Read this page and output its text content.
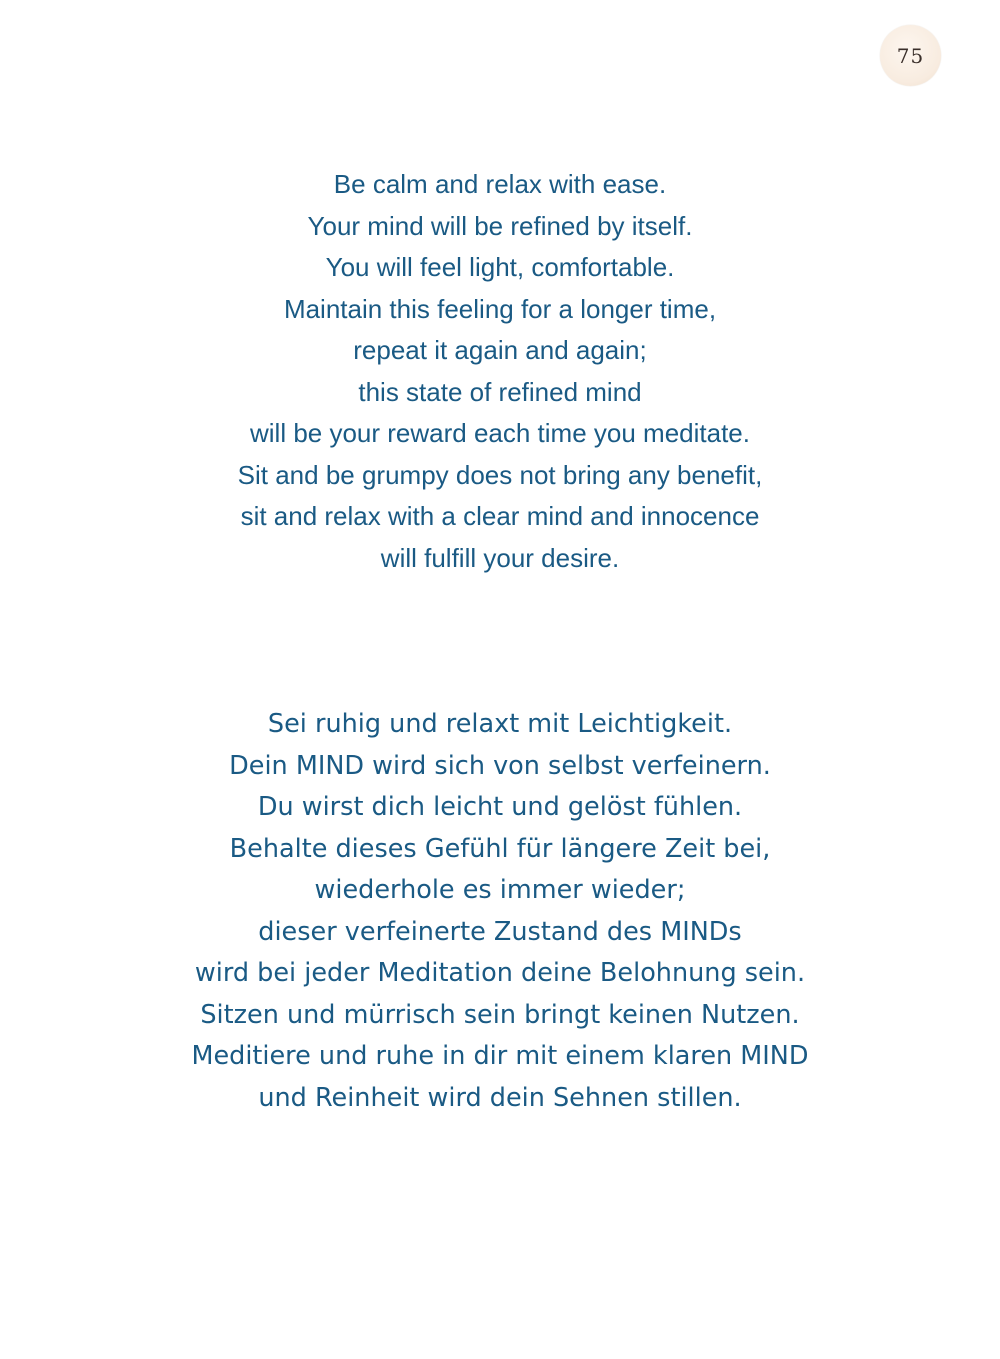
75
Be calm and relax with ease.
Your mind will be refined by itself.
You will feel light, comfortable.
Maintain this feeling for a longer time,
repeat it again and again;
this state of refined mind
will be your reward each time you meditate.
Sit and be grumpy does not bring any benefit,
sit and relax with a clear mind and innocence
will fulfill your desire.
Sei ruhig und relaxt mit Leichtigkeit.
Dein MIND wird sich von selbst verfeinern.
Du wirst dich leicht und gelöst fühlen.
Behalte dieses Gefühl für längere Zeit bei,
wiederhole es immer wieder;
dieser verfeinerte Zustand des MINDs
wird bei jeder Meditation deine Belohnung sein.
Sitzen und mürrisch sein bringt keinen Nutzen.
Meditiere und ruhe in dir mit einem klaren MIND
und Reinheit wird dein Sehnen stillen.
